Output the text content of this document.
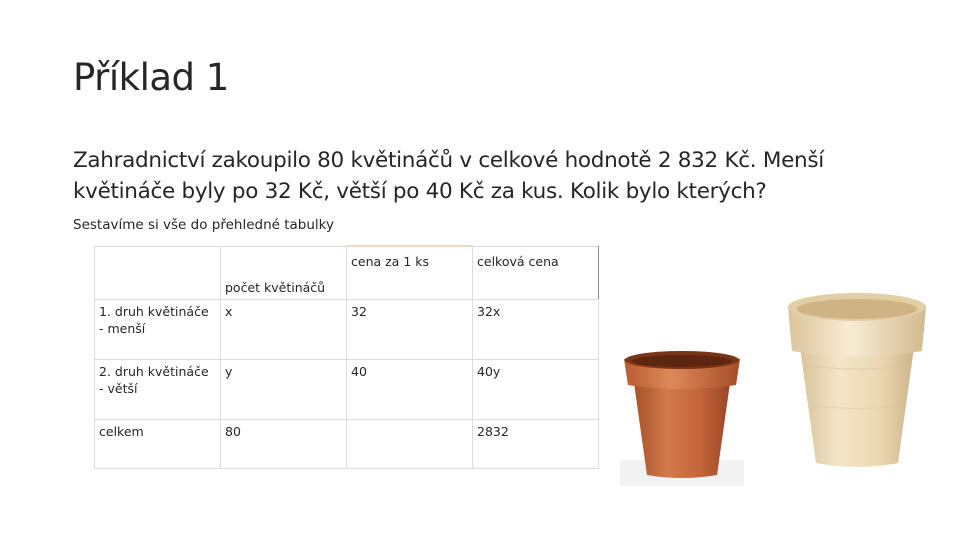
Příklad 1
Zahradnictví zakoupilo 80 květináčů v celkové hodnotě 2 832 Kč. Menší
květináče byly po 32 Kč, větší po 40 Kč za kus. Kolik bylo kterých?
Sestavíme si vše do přehledné tabulky
	počet květináčů	cena za 1 ks	celková cena
1. druh květináče - menší	x	32	32x
2. druh květináče - větší	y	40	40y
celkem	80		2832
